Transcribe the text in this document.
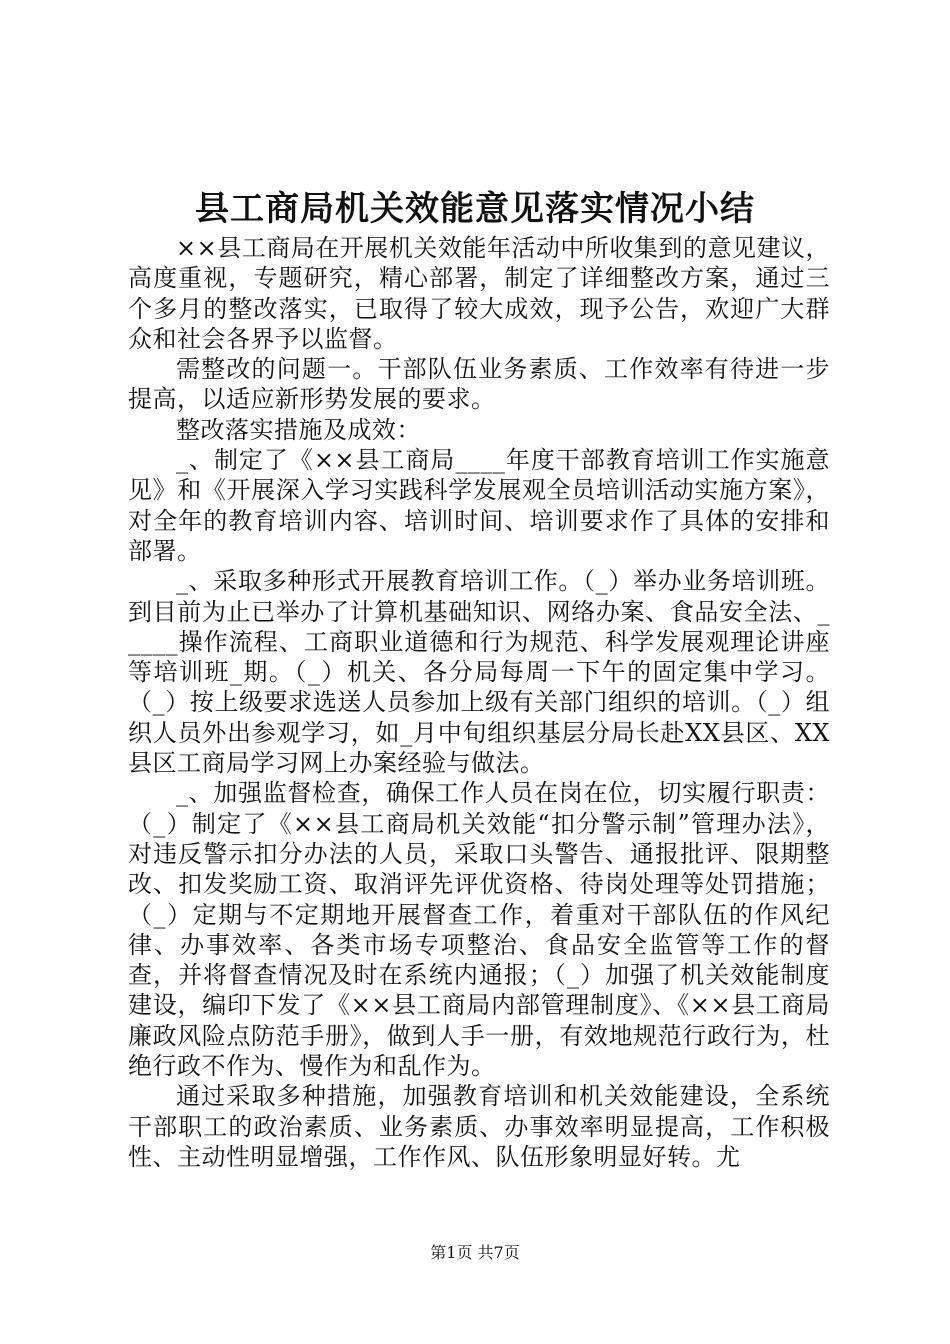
县工商局机关效能意见落实情况小结

××县工商局在开展机关效能年活动中所收集到的意见建议，高度重视，专题研究，精心部署，制定了详细整改方案，通过三个多月的整改落实，已取得了较大成效，现予公告，欢迎广大群众和社会各界予以监督。

需整改的问题一。干部队伍业务素质、工作效率有待进一步提高，以适应新形势发展的要求。

整改落实措施及成效：

_、制定了《××县工商局____年度干部教育培训工作实施意见》和《开展深入学习实践科学发展观全员培训活动实施方案》，对全年的教育培训内容、培训时间、培训要求作了具体的安排和部署。

_、采取多种形式开展教育培训工作。（_）举办业务培训班。到目前为止已举办了计算机基础知识、网络办案、食品安全法、_____操作流程、工商职业道德和行为规范、科学发展观理论讲座等培训班_期。（_）机关、各分局每周一下午的固定集中学习。（_）按上级要求选送人员参加上级有关部门组织的培训。（_）组织人员外出参观学习，如_月中旬组织基层分局长赴XX县区、XX县区工商局学习网上办案经验与做法。

_、加强监督检查，确保工作人员在岗在位，切实履行职责：（_）制定了《××县工商局机关效能“扣分警示制”管理办法》，对违反警示扣分办法的人员，采取口头警告、通报批评、限期整改、扣发奖励工资、取消评先评优资格、待岗处理等处罚措施；（_）定期与不定期地开展督查工作，着重对干部队伍的作风纪律、办事效率、各类市场专项整治、食品安全监管等工作的督查，并将督查情况及时在系统内通报；（_）加强了机关效能制度建设，编印下发了《××县工商局内部管理制度》、《××县工商局廉政风险点防范手册》，做到人手一册，有效地规范行政行为，杜绝行政不作为、慢作为和乱作为。

通过采取多种措施，加强教育培训和机关效能建设，全系统干部职工的政治素质、业务素质、办事效率明显提高，工作积极性、主动性明显增强，工作作风、队伍形象明显好转。尤

第1页 共7页
